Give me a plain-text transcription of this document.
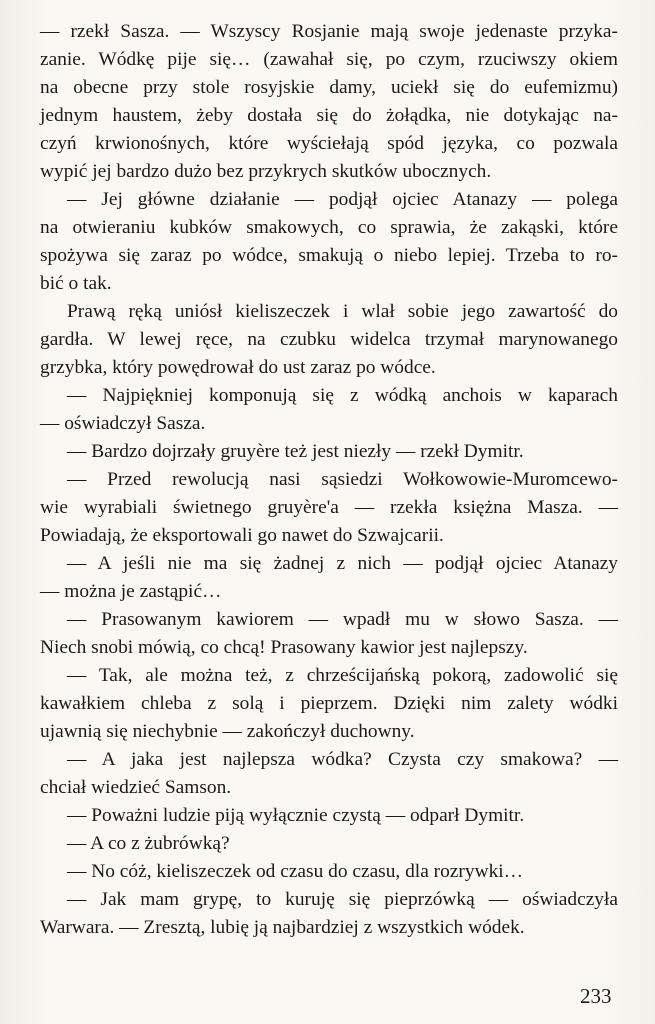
— rzekł Sasza. — Wszyscy Rosjanie mają swoje jedenaste przyka-
zanie. Wódkę pije się… (zawahał się, po czym, rzuciwszy okiem
na obecne przy stole rosyjskie damy, uciekł się do eufemizmu)
jednym haustem, żeby dostała się do żołądka, nie dotykając na-
czyń krwionośnych, które wyściełają spód języka, co pozwala
wypić jej bardzo dużo bez przykrych skutków ubocznych.
— Jej główne działanie — podjął ojciec Atanazy — polega
na otwieraniu kubków smakowych, co sprawia, że zakąski, które
spożywa się zaraz po wódce, smakują o niebo lepiej. Trzeba to ro-
bić o tak.
Prawą ręką uniósł kieliszeczek i wlał sobie jego zawartość do
gardła. W lewej ręce, na czubku widelca trzymał marynowanego
grzybka, który powędrował do ust zaraz po wódce.
— Najpiękniej komponują się z wódką anchois w kaparach
— oświadczył Sasza.
— Bardzo dojrzały gruyère też jest niezły — rzekł Dymitr.
— Przed rewolucją nasi sąsiedzi Wołkowowie-Muromcewo-
wie wyrabiali świetnego gruyère'a — rzekła księżna Masza. —
Powiadają, że eksportowali go nawet do Szwajcarii.
— A jeśli nie ma się żadnej z nich — podjął ojciec Atanazy
— można je zastąpić…
— Prasowanym kawiorem — wpadł mu w słowo Sasza. —
Niech snobi mówią, co chcą! Prasowany kawior jest najlepszy.
— Tak, ale można też, z chrześcijańską pokorą, zadowolić się
kawałkiem chleba z solą i pieprzem. Dzięki nim zalety wódki
ujawnią się niechybnie — zakończył duchowny.
— A jaka jest najlepsza wódka? Czysta czy smakowa? —
chciał wiedzieć Samson.
— Poważni ludzie piją wyłącznie czystą — odparł Dymitr.
— A co z żubrówką?
— No cóż, kieliszeczek od czasu do czasu, dla rozrywki…
— Jak mam grypę, to kuruję się pieprzówką — oświadczyła
Warwara. — Zresztą, lubię ją najbardziej z wszystkich wódek.
233
